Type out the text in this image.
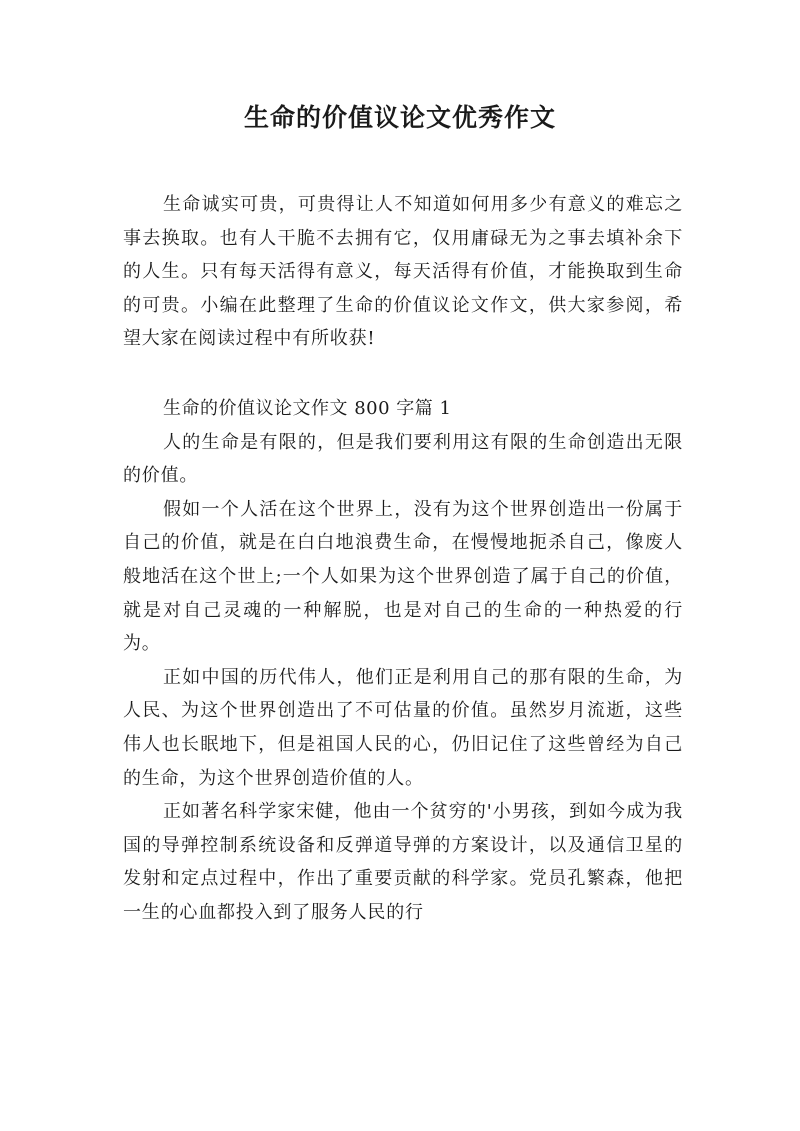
生命的价值议论文优秀作文

生命诚实可贵，可贵得让人不知道如何用多少有意义的难忘之事去换取。也有人干脆不去拥有它，仅用庸碌无为之事去填补余下的人生。只有每天活得有意义，每天活得有价值，才能换取到生命的可贵。小编在此整理了生命的价值议论文作文，供大家参阅，希望大家在阅读过程中有所收获!

生命的价值议论文作文 800 字篇 1

人的生命是有限的，但是我们要利用这有限的生命创造出无限的价值。

假如一个人活在这个世界上，没有为这个世界创造出一份属于自己的价值，就是在白白地浪费生命，在慢慢地扼杀自己，像废人般地活在这个世上;一个人如果为这个世界创造了属于自己的价值，就是对自己灵魂的一种解脱，也是对自己的生命的一种热爱的行为。

正如中国的历代伟人，他们正是利用自己的那有限的生命，为人民、为这个世界创造出了不可估量的价值。虽然岁月流逝，这些伟人也长眠地下，但是祖国人民的心，仍旧记住了这些曾经为自己的生命，为这个世界创造价值的人。

正如著名科学家宋健，他由一个贫穷的'小男孩，到如今成为我国的导弹控制系统设备和反弹道导弹的方案设计，以及通信卫星的发射和定点过程中，作出了重要贡献的科学家。党员孔繁森，他把一生的心血都投入到了服务人民的行
